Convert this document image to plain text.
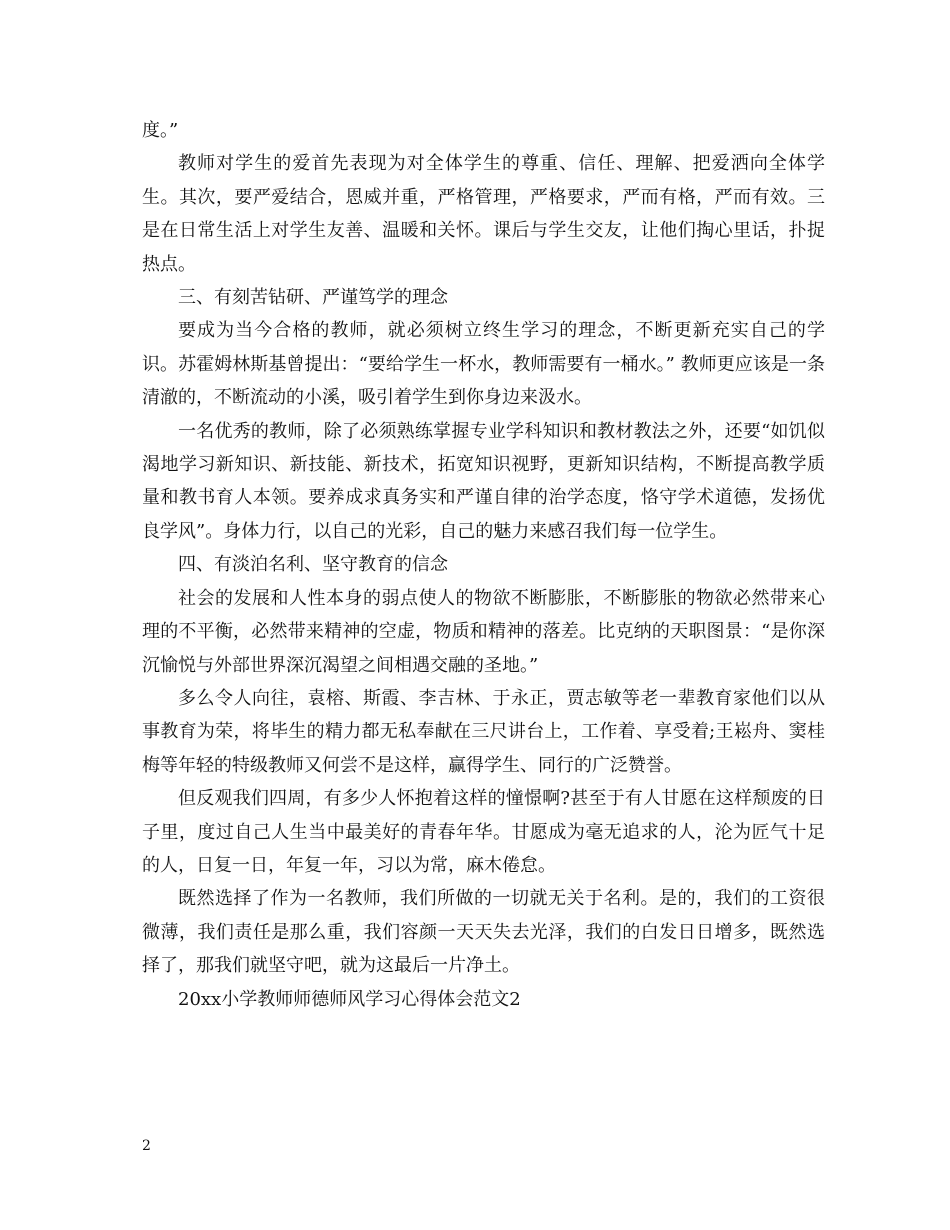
度。”

教师对学生的爱首先表现为对全体学生的尊重、信任、理解、把爱洒向全体学生。其次，要严爱结合，恩威并重，严格管理，严格要求，严而有格，严而有效。三是在日常生活上对学生友善、温暖和关怀。课后与学生交友，让他们掏心里话，扑捉热点。

三、有刻苦钻研、严谨笃学的理念

要成为当今合格的教师，就必须树立终生学习的理念，不断更新充实自己的学识。苏霍姆林斯基曾提出：“要给学生一杯水，教师需要有一桶水。” 教师更应该是一条清澈的，不断流动的小溪，吸引着学生到你身边来汲水。

一名优秀的教师，除了必须熟练掌握专业学科知识和教材教法之外，还要“如饥似渴地学习新知识、新技能、新技术，拓宽知识视野，更新知识结构，不断提高教学质量和教书育人本领。要养成求真务实和严谨自律的治学态度，恪守学术道德，发扬优良学风”。身体力行，以自己的光彩，自己的魅力来感召我们每一位学生。

四、有淡泊名利、坚守教育的信念

社会的发展和人性本身的弱点使人的物欲不断膨胀，不断膨胀的物欲必然带来心理的不平衡，必然带来精神的空虚，物质和精神的落差。比克纳的天职图景：“是你深沉愉悦与外部世界深沉渴望之间相遇交融的圣地。”

多么令人向往，袁榕、斯霞、李吉林、于永正，贾志敏等老一辈教育家他们以从事教育为荣，将毕生的精力都无私奉献在三尺讲台上，工作着、享受着;王崧舟、窦桂梅等年轻的特级教师又何尝不是这样，赢得学生、同行的广泛赞誉。

但反观我们四周，有多少人怀抱着这样的憧憬啊?甚至于有人甘愿在这样颓废的日子里，度过自己人生当中最美好的青春年华。甘愿成为毫无追求的人，沦为匠气十足的人，日复一日，年复一年，习以为常，麻木倦怠。

既然选择了作为一名教师，我们所做的一切就无关于名利。是的，我们的工资很微薄，我们责任是那么重，我们容颜一天天失去光泽，我们的白发日日增多，既然选择了，那我们就坚守吧，就为这最后一片净土。

20xx小学教师师德师风学习心得体会范文2

2
